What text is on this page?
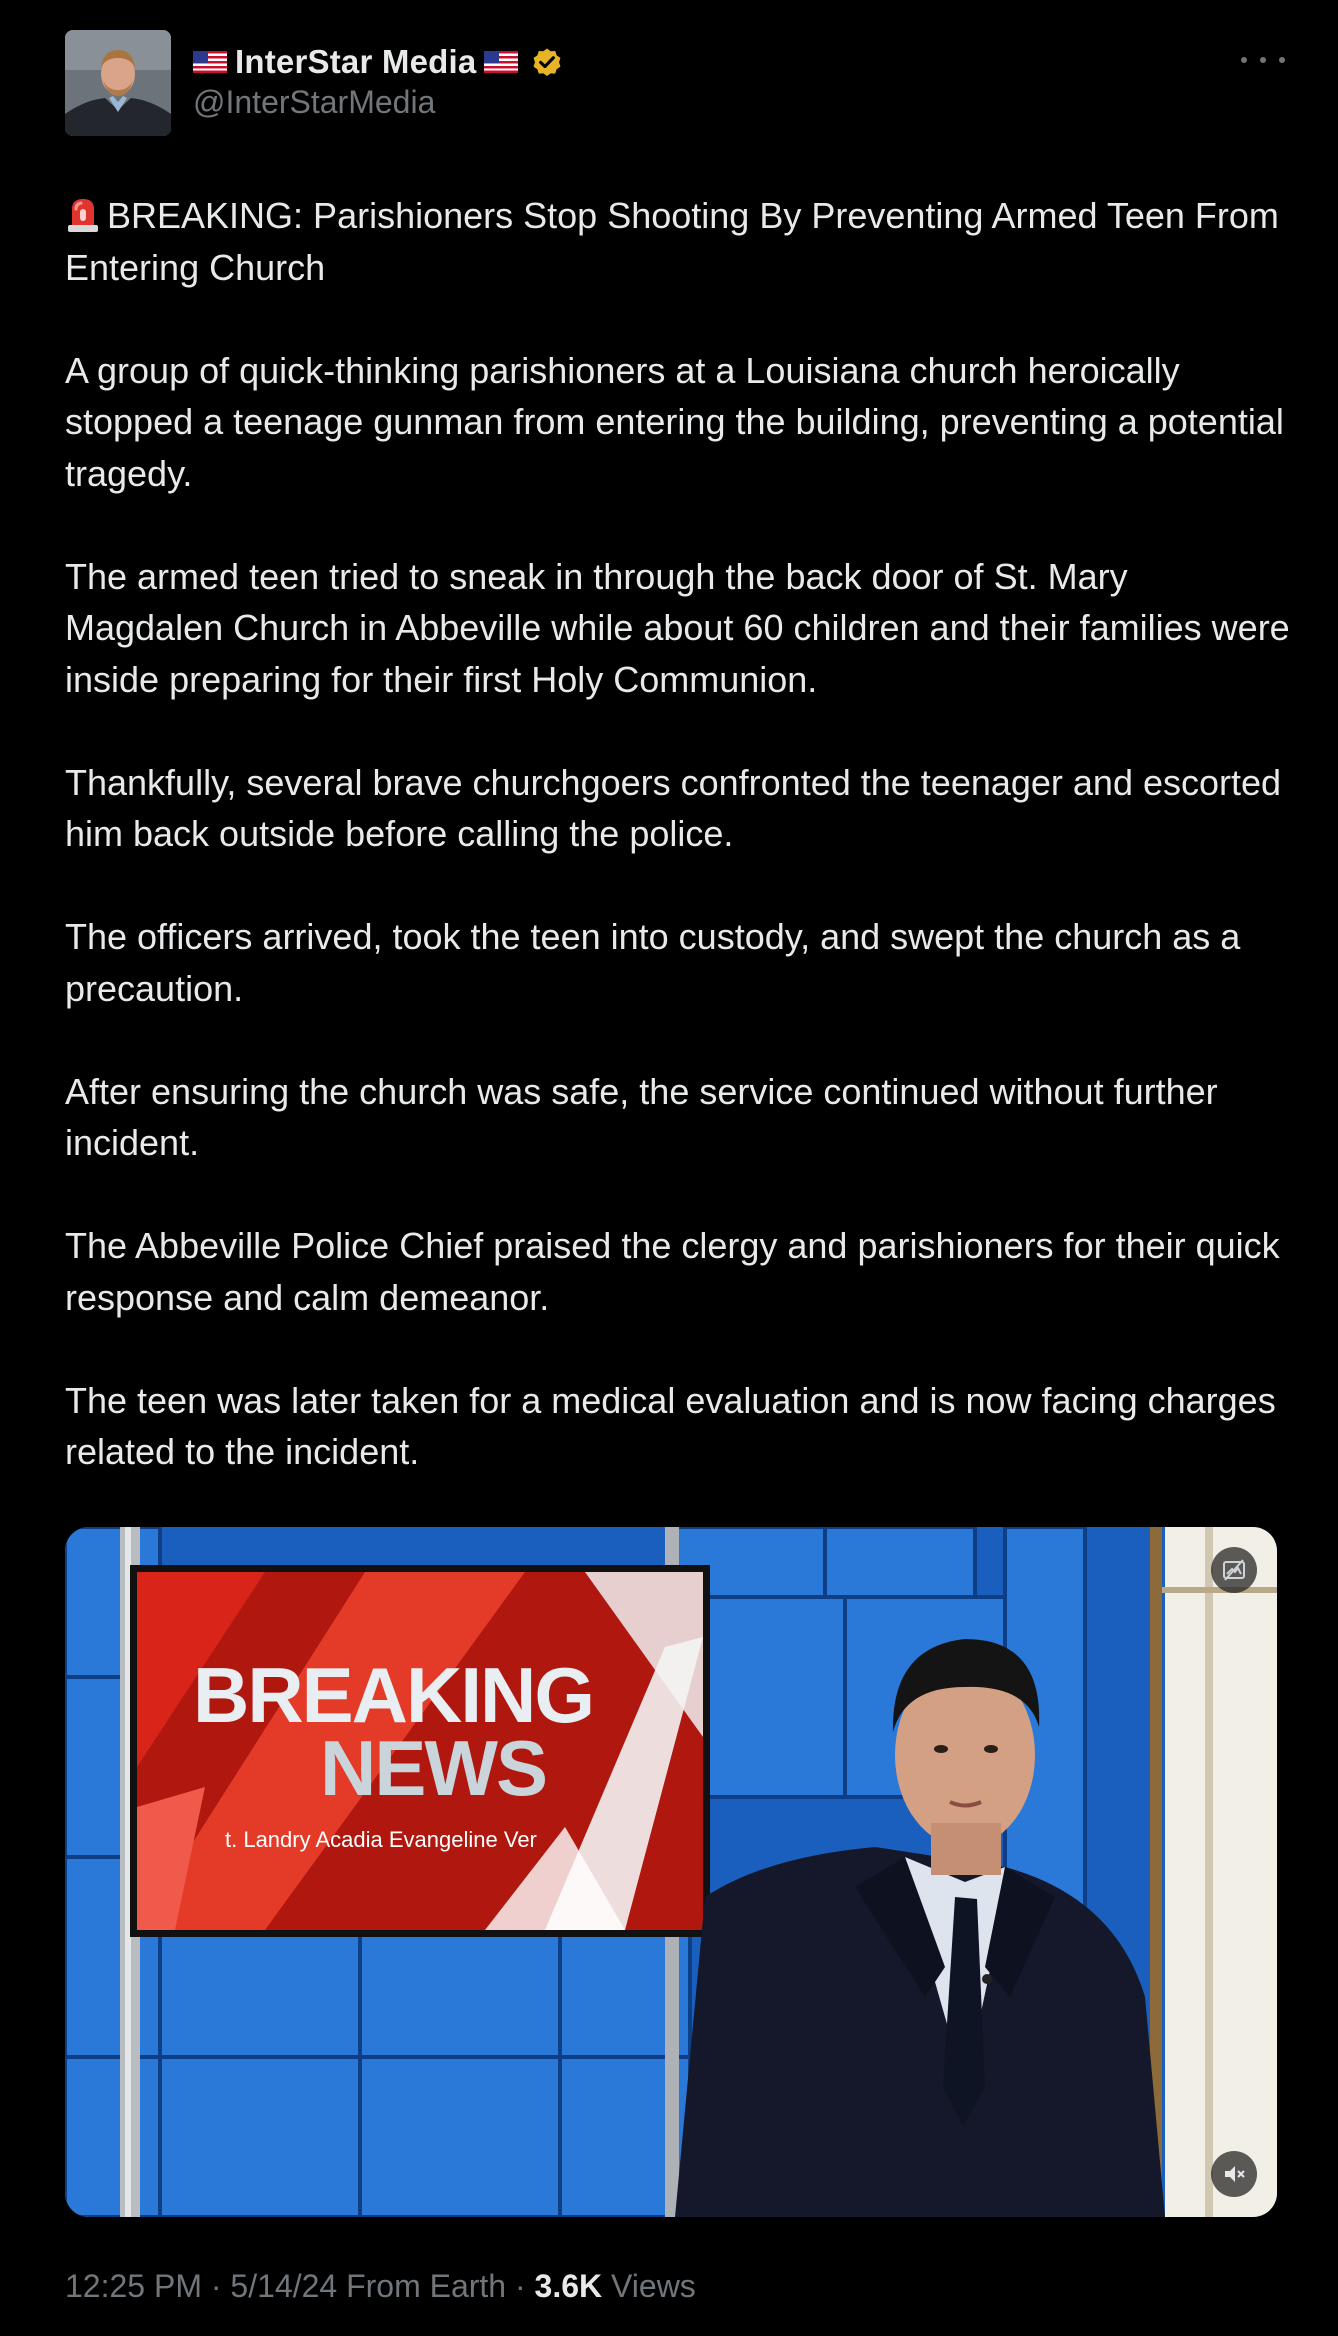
InterStar Media
@InterStarMedia

BREAKING: Parishioners Stop Shooting By Preventing Armed Teen From Entering Church

A group of quick-thinking parishioners at a Louisiana church heroically stopped a teenage gunman from entering the building, preventing a potential tragedy.

The armed teen tried to sneak in through the back door of St. Mary Magdalen Church in Abbeville while about 60 children and their families were inside preparing for their first Holy Communion.

Thankfully, several brave churchgoers confronted the teenager and escorted him back outside before calling the police.

The officers arrived, took the teen into custody, and swept the church as a precaution.

After ensuring the church was safe, the service continued without further incident.

The Abbeville Police Chief praised the clergy and parishioners for their quick response and calm demeanor.

The teen was later taken for a medical evaluation and is now facing charges related to the incident.

BREAKING
NEWS
t. Landry Acadia Evangeline Ver
12:25 PM · 5/14/24 From Earth · 3.6K Views
